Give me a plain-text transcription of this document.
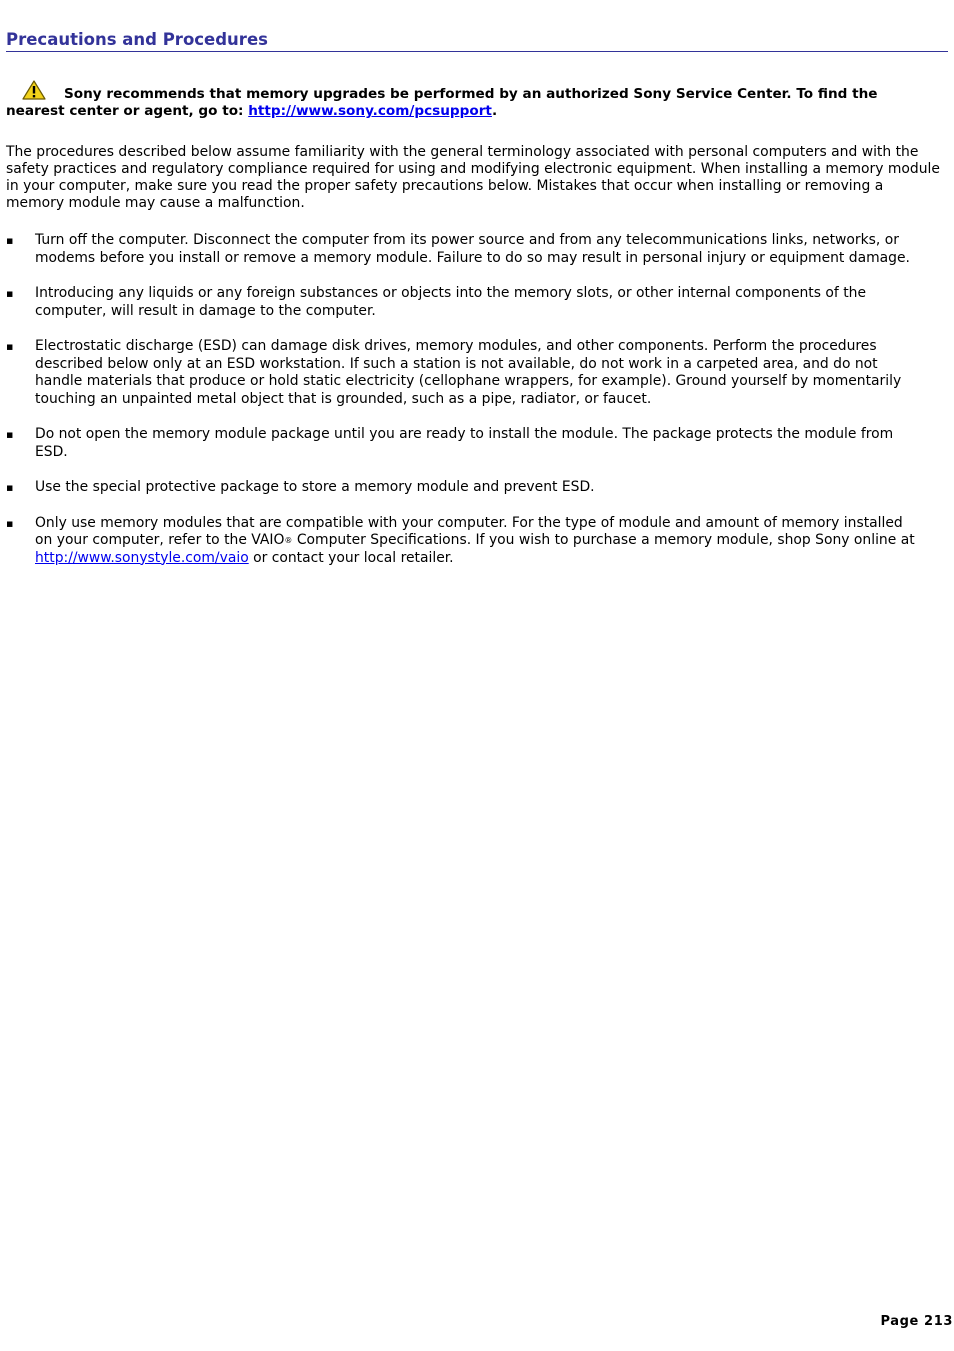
Precautions and Procedures
Sony recommends that memory upgrades be performed by an authorized Sony Service Center. To find the nearest center or agent, go to: http://www.sony.com/pcsupport.
The procedures described below assume familiarity with the general terminology associated with personal computers and with the safety practices and regulatory compliance required for using and modifying electronic equipment. When installing a memory module in your computer, make sure you read the proper safety precautions below. Mistakes that occur when installing or removing a memory module may cause a malfunction.
▪ Turn off the computer. Disconnect the computer from its power source and from any telecommunications links, networks, or modems before you install or remove a memory module. Failure to do so may result in personal injury or equipment damage.
▪ Introducing any liquids or any foreign substances or objects into the memory slots, or other internal components of the computer, will result in damage to the computer.
▪ Electrostatic discharge (ESD) can damage disk drives, memory modules, and other components. Perform the procedures described below only at an ESD workstation. If such a station is not available, do not work in a carpeted area, and do not handle materials that produce or hold static electricity (cellophane wrappers, for example). Ground yourself by momentarily touching an unpainted metal object that is grounded, such as a pipe, radiator, or faucet.
▪ Do not open the memory module package until you are ready to install the module. The package protects the module from ESD.
▪ Use the special protective package to store a memory module and prevent ESD.
▪ Only use memory modules that are compatible with your computer. For the type of module and amount of memory installed on your computer, refer to the VAIO® Computer Specifications. If you wish to purchase a memory module, shop Sony online at http://www.sonystyle.com/vaio or contact your local retailer.
Page 213
